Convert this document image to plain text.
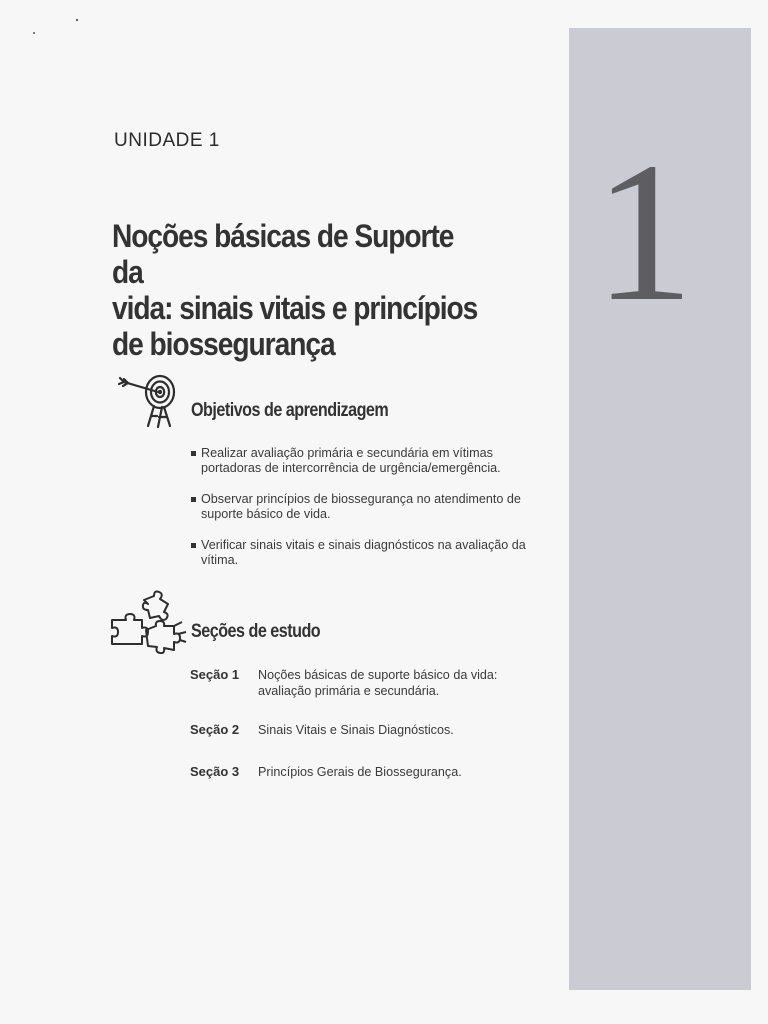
1
UNIDADE 1
Noções básicas de Suporte da
vida: sinais vitais e princípios
de biossegurança
Objetivos de aprendizagem
Realizar avaliação primária e secundária em vítimas portadoras de intercorrência de urgência/emergência.
Observar princípios de biossegurança no atendimento de suporte básico de vida.
Verificar sinais vitais e sinais diagnósticos na avaliação da vítima.
Seções de estudo
Seção 1	Noções básicas de suporte básico da vida: avaliação primária e secundária.
Seção 2	Sinais Vitais e Sinais Diagnósticos.
Seção 3	Princípios Gerais de Biossegurança.
